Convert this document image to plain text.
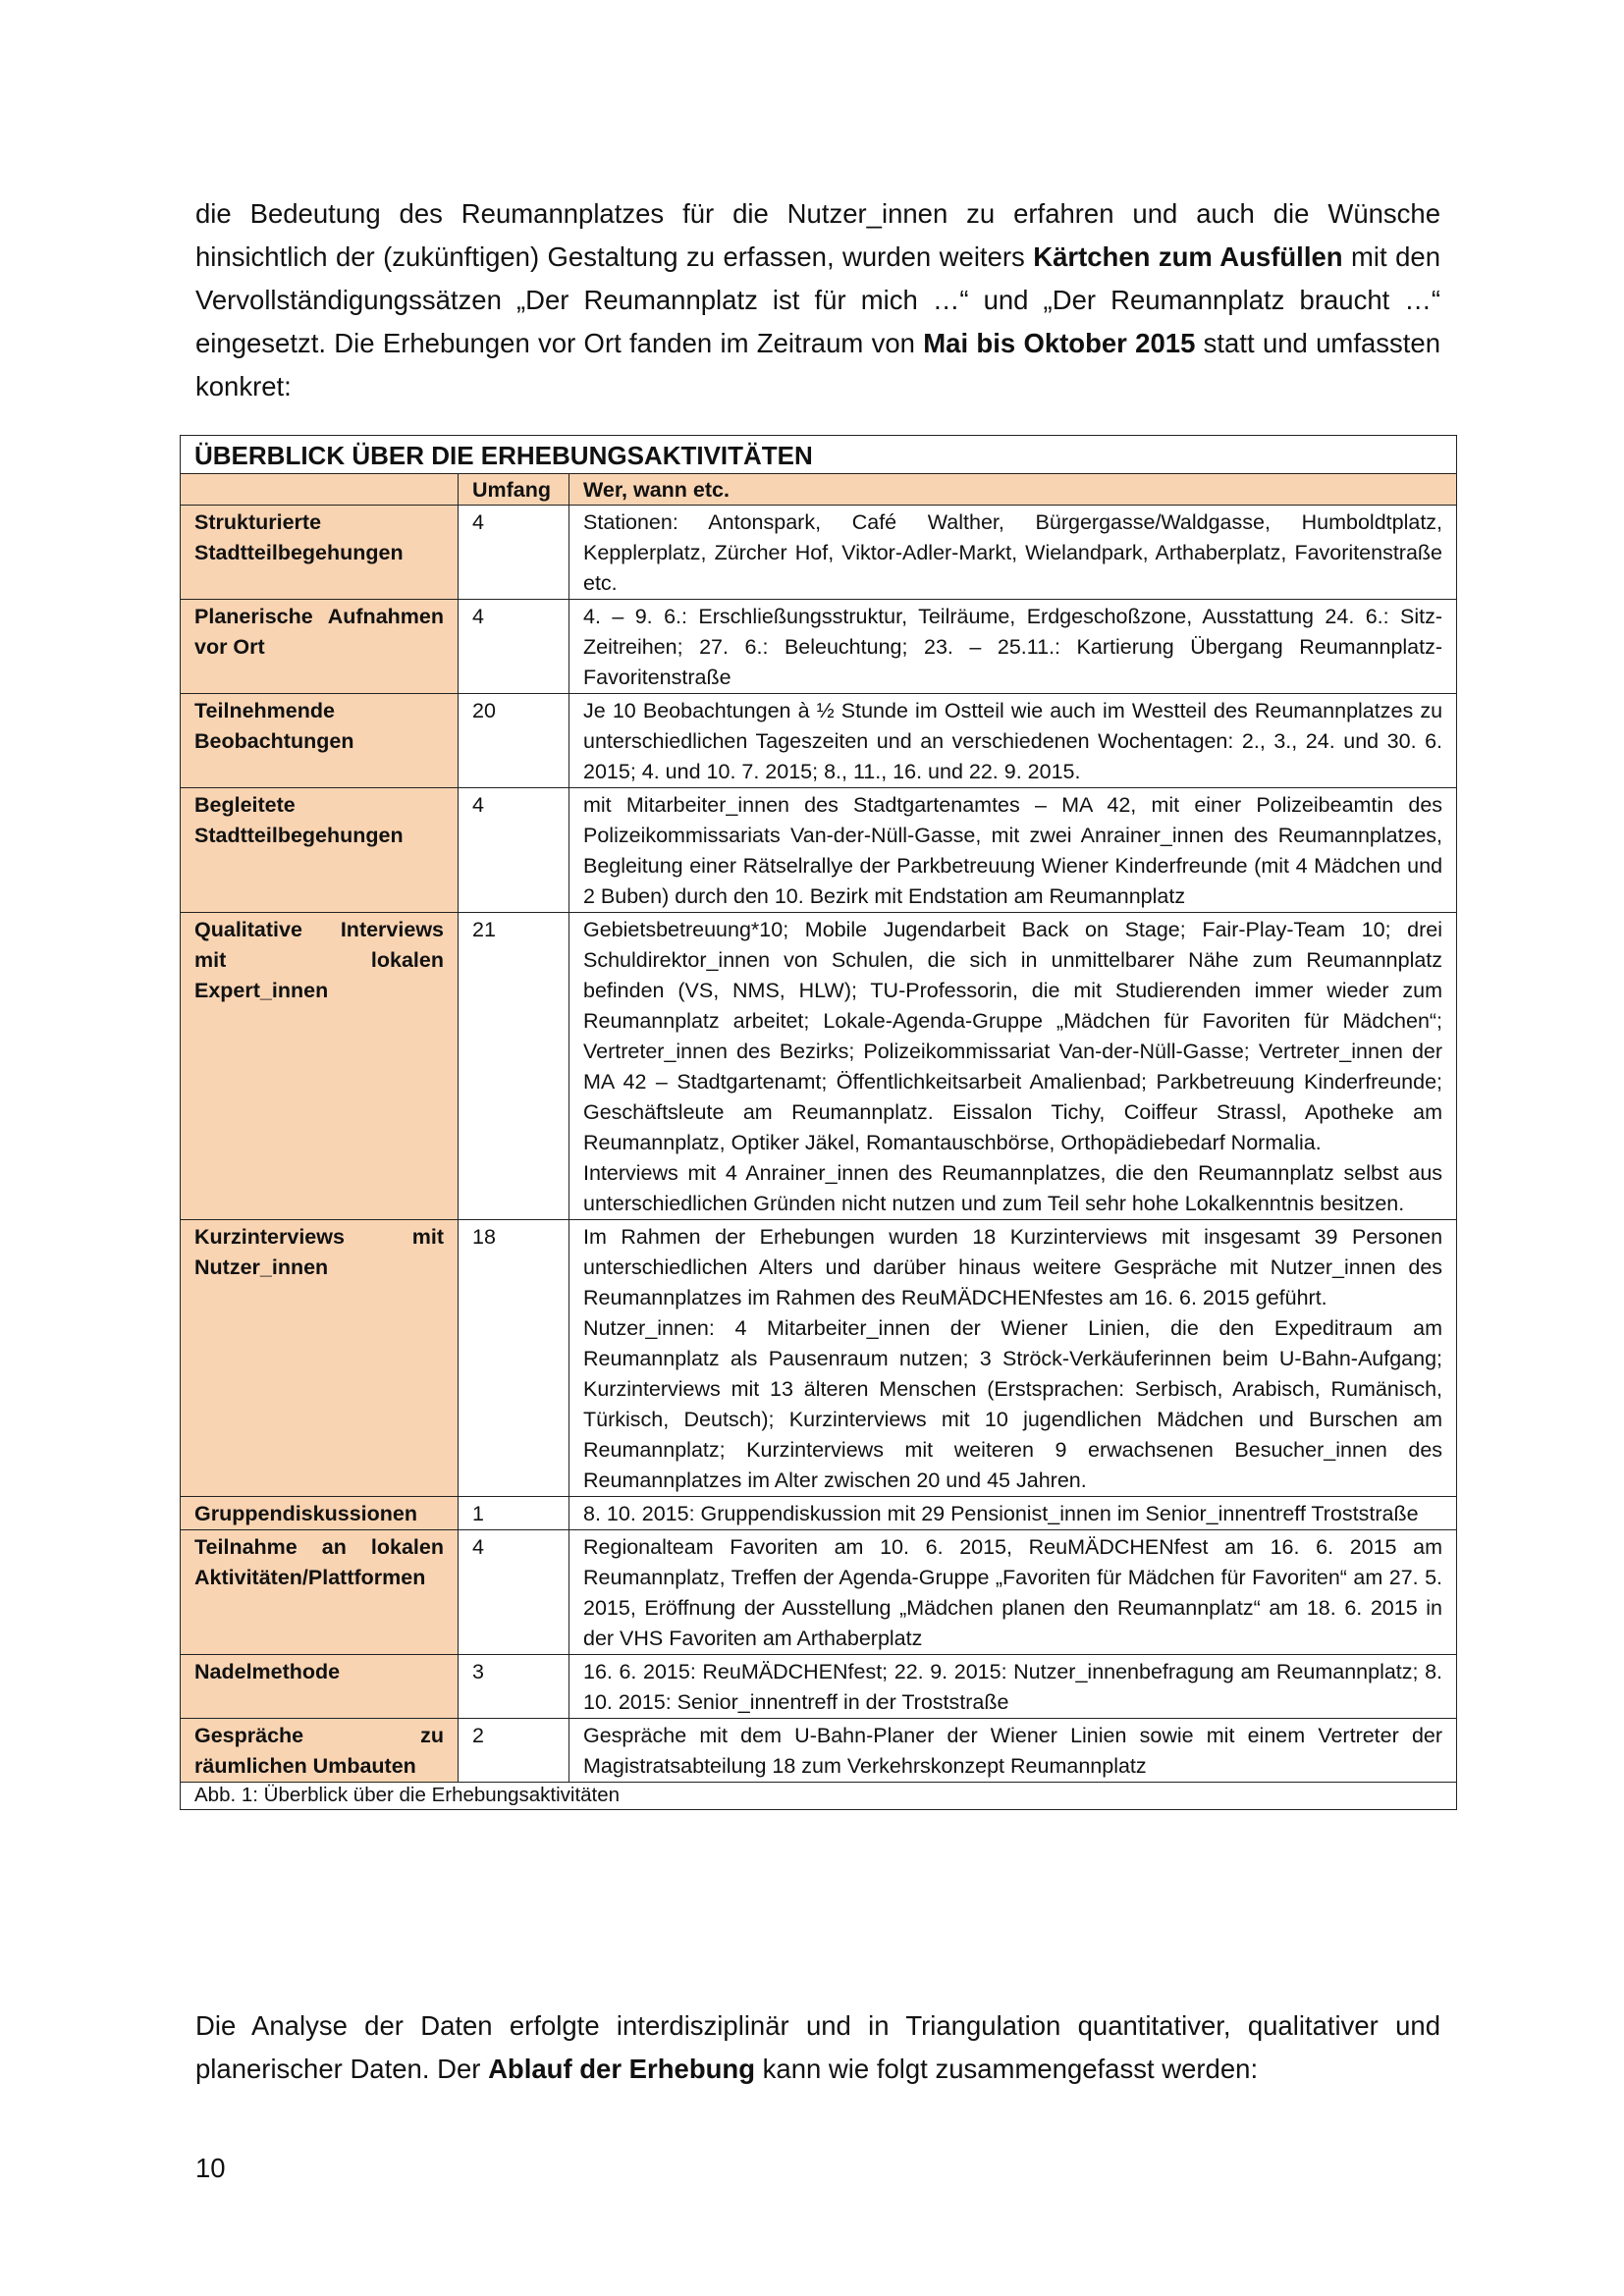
die Bedeutung des Reumannplatzes für die Nutzer_innen zu erfahren und auch die Wünsche hinsichtlich der (zukünftigen) Gestaltung zu erfassen, wurden weiters Kärtchen zum Ausfüllen mit den Vervollständigungssätzen „Der Reumannplatz ist für mich …“ und „Der Reumannplatz braucht …“ eingesetzt. Die Erhebungen vor Ort fanden im Zeitraum von Mai bis Oktober 2015 statt und umfassten konkret:

ÜBERBLICK ÜBER DIE ERHEBUNGSAKTIVITÄTEN		
	Umfang	Wer, wann etc.
Strukturierte Stadtteilbegehungen	4	Stationen: Antonspark, Café Walther, Bürgergasse/Waldgasse, Humboldtplatz, Kepplerplatz, Zürcher Hof, Viktor-Adler-Markt, Wielandpark, Arthaberplatz, Favoritenstraße etc.
Planerische Aufnahmen vor Ort	4	4. – 9. 6.: Erschließungsstruktur, Teilräume, Erdgeschoßzone, Ausstattung 24. 6.: Sitz-Zeitreihen; 27. 6.: Beleuchtung; 23. – 25.11.: Kartierung Übergang Reumannplatz-Favoritenstraße
Teilnehmende Beobachtungen	20	Je 10 Beobachtungen à ½ Stunde im Ostteil wie auch im Westteil des Reumannplatzes zu unterschiedlichen Tageszeiten und an verschiedenen Wochentagen: 2., 3., 24. und 30. 6. 2015; 4. und 10. 7. 2015; 8., 11., 16. und 22. 9. 2015.
Begleitete Stadtteilbegehungen	4	mit Mitarbeiter_innen des Stadtgartenamtes – MA 42, mit einer Polizeibeamtin des Polizeikommissariats Van-der-Nüll-Gasse, mit zwei Anrainer_innen des Reumannplatzes, Begleitung einer Rätselrallye der Parkbetreuung Wiener Kinderfreunde (mit 4 Mädchen und 2 Buben) durch den 10. Bezirk mit Endstation am Reumannplatz
Qualitative Interviews mit lokalen Expert_innen	21	Gebietsbetreuung*10; Mobile Jugendarbeit Back on Stage; Fair-Play-Team 10; drei Schuldirektor_innen von Schulen, die sich in unmittelbarer Nähe zum Reumannplatz befinden (VS, NMS, HLW); TU-Professorin, die mit Studierenden immer wieder zum Reumannplatz arbeitet; Lokale-Agenda-Gruppe „Mädchen für Favoriten für Mädchen“; Vertreter_innen des Bezirks; Polizeikommissariat Van-der-Nüll-Gasse; Vertreter_innen der MA 42 – Stadtgartenamt; Öffentlichkeitsarbeit Amalienbad; Parkbetreuung Kinderfreunde; Geschäftsleute am Reumannplatz. Eissalon Tichy, Coiffeur Strassl, Apotheke am Reumannplatz, Optiker Jäkel, Romantauschbörse, Orthopädiebedarf Normalia.
Interviews mit 4 Anrainer_innen des Reumannplatzes, die den Reumannplatz selbst aus unterschiedlichen Gründen nicht nutzen und zum Teil sehr hohe Lokalkenntnis besitzen.

Kurzinterviews mit Nutzer_innen	18	Im Rahmen der Erhebungen wurden 18 Kurzinterviews mit insgesamt 39 Personen unterschiedlichen Alters und darüber hinaus weitere Gespräche mit Nutzer_innen des Reumannplatzes im Rahmen des ReuMÄDCHENfestes am 16. 6. 2015 geführt.
Nutzer_innen: 4 Mitarbeiter_innen der Wiener Linien, die den Expeditraum am Reumannplatz als Pausenraum nutzen; 3 Ströck-Verkäuferinnen beim U-Bahn-Aufgang; Kurzinterviews mit 13 älteren Menschen (Erstsprachen: Serbisch, Arabisch, Rumänisch, Türkisch, Deutsch); Kurzinterviews mit 10 jugendlichen Mädchen und Burschen am Reumannplatz; Kurzinterviews mit weiteren 9 erwachsenen Besucher_innen des Reumannplatzes im Alter zwischen 20 und 45 Jahren.

Gruppendiskussionen	1	8. 10. 2015: Gruppendiskussion mit 29 Pensionist_innen im Senior_innentreff Troststraße
Teilnahme an lokalen Aktivitäten/Plattformen	4	Regionalteam Favoriten am 10. 6. 2015, ReuMÄDCHENfest am 16. 6. 2015 am Reumannplatz, Treffen der Agenda-Gruppe „Favoriten für Mädchen für Favoriten“ am 27. 5. 2015, Eröffnung der Ausstellung „Mädchen planen den Reumannplatz“ am 18. 6. 2015 in der VHS Favoriten am Arthaberplatz
Nadelmethode	3	16. 6. 2015: ReuMÄDCHENfest; 22. 9. 2015: Nutzer_innenbefragung am Reumannplatz; 8. 10. 2015: Senior_innentreff in der Troststraße
Gespräche zu räumlichen Umbauten	2	Gespräche mit dem U-Bahn-Planer der Wiener Linien sowie mit einem Vertreter der Magistratsabteilung 18 zum Verkehrskonzept Reumannplatz
Abb. 1: Überblick über die Erhebungsaktivitäten		

Die Analyse der Daten erfolgte interdisziplinär und in Triangulation quantitativer, qualitativer und planerischer Daten. Der Ablauf der Erhebung kann wie folgt zusammengefasst werden:

10
